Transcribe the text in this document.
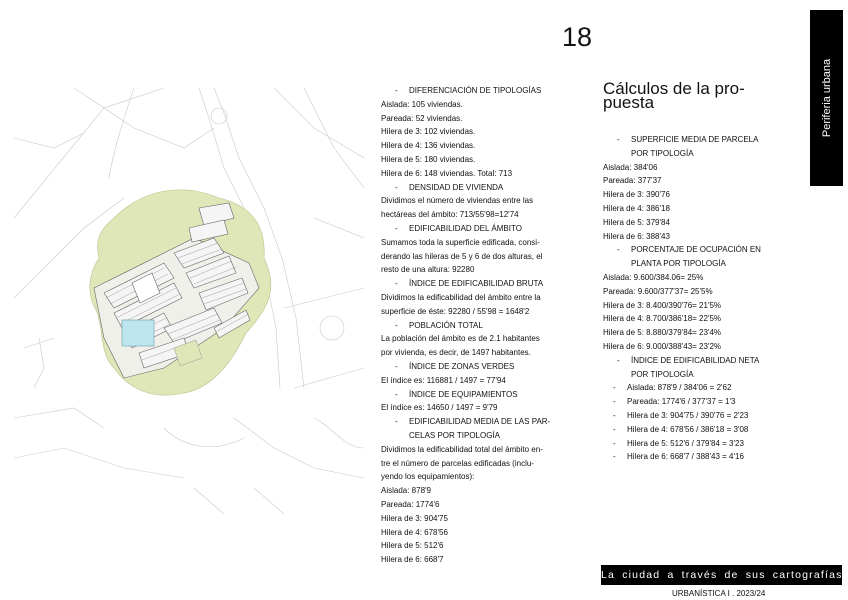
18
Periferia urbana
- DIFERENCIACIÓN DE TIPOLOGÍAS
Aislada: 105 viviendas.
Pareada: 52 viviendas.
Hilera de 3: 102 viviendas.
Hilera de 4: 136 viviendas.
Hilera de 5: 180 viviendas.
Hilera de 6: 148 viviendas. Total: 713
- DENSIDAD DE VIVIENDA
Dividimos el número de viviendas entre las
hectáreas del ámbito: 713/55'98=12'74
- EDIFICABILIDAD DEL ÁMBITO
Sumamos toda la superficie edificada, consi-
derando las hileras de 5 y 6 de dos alturas, el
resto de una altura: 92280
- ÍNDICE DE EDIFICABILIDAD BRUTA
Dividimos la edificabilidad del ámbito entre la
superficie de éste: 92280 / 55'98 = 1648'2
- POBLACIÓN TOTAL
La población del ámbito es de 2.1 habitantes
por vivienda, es decir, de 1497 habitantes.
- ÍNDICE DE ZONAS VERDES
El índice es: 116881 / 1497 = 77'94
- ÍNDICE DE EQUIPAMIENTOS
El índice es: 14650 / 1497 = 9'79
- EDIFICABILIDAD MEDIA DE LAS PAR-
CELAS POR TIPOLOGÍA
Dividimos la edificabilidad total del ámbito en-
tre el número de parcelas edificadas (inclu-
yendo los equipamientos):
Aislada: 878'9
Pareada: 1774'6
Hilera de 3: 904'75
Hilera de 4: 678'56
Hilera de 5: 512'6
Hilera de 6: 668'7
Cálculos de la pro-
puesta
- SUPERFICIE MEDIA DE PARCELA
POR TIPOLOGÍA
Aislada: 384'06
Pareada: 377'37
Hilera de 3: 390'76
Hilera de 4: 386'18
Hilera de 5: 379'84
Hilera de 6: 388'43
- PORCENTAJE DE OCUPACIÓN EN
PLANTA POR TIPOLOGÍA
Aislada: 9.600/384.06= 25%
Pareada: 9.600/377'37= 25'5%
Hilera de 3: 8.400/390'76= 21'5%
Hilera de 4: 8.700/386'18= 22'5%
Hilera de 5: 8.880/379'84= 23'4%
Hilera de 6: 9.000/388'43= 23'2%
- ÍNDICE DE EDIFICABILIDAD NETA
POR TIPOLOGÍA
- Aislada: 878'9 / 384'06 = 2'62
- Pareada: 1774'6 / 377'37 = 1'3
- Hilera de 3: 904'75 / 390'76 = 2'23
- Hilera de 4: 678'56 / 386'18 = 3'08
- Hilera de 5: 512'6 / 379'84 = 3'23
- Hilera de 6: 668'7 / 388'43 = 4'16
La ciudad a través de sus cartografías
URBANÍSTICA I . 2023/24
